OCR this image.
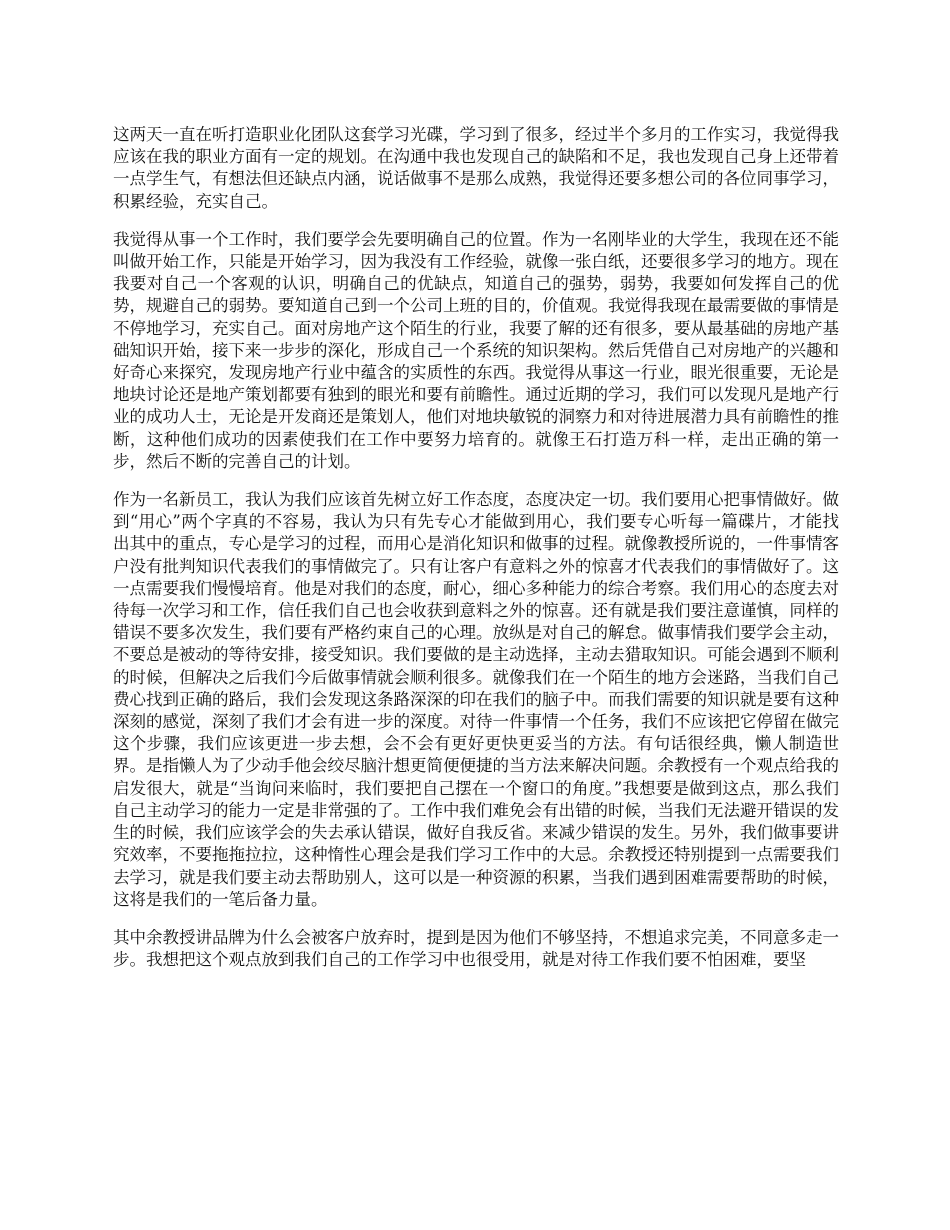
这两天一直在听打造职业化团队这套学习光碟，学习到了很多，经过半个多月的工作实习，我觉得我应该在我的职业方面有一定的规划。在沟通中我也发现自己的缺陷和不足，我也发现自己身上还带着一点学生气，有想法但还缺点内涵，说话做事不是那么成熟，我觉得还要多想公司的各位同事学习，积累经验，充实自己。

我觉得从事一个工作时，我们要学会先要明确自己的位置。作为一名刚毕业的大学生，我现在还不能叫做开始工作，只能是开始学习，因为我没有工作经验，就像一张白纸，还要很多学习的地方。现在我要对自己一个客观的认识，明确自己的优缺点，知道自己的强势，弱势，我要如何发挥自己的优势，规避自己的弱势。要知道自己到一个公司上班的目的，价值观。我觉得我现在最需要做的事情是不停地学习，充实自己。面对房地产这个陌生的行业，我要了解的还有很多，要从最基础的房地产基础知识开始，接下来一步步的深化，形成自己一个系统的知识架构。然后凭借自己对房地产的兴趣和好奇心来探究，发现房地产行业中蕴含的实质性的东西。我觉得从事这一行业，眼光很重要，无论是地块讨论还是地产策划都要有独到的眼光和要有前瞻性。通过近期的学习，我们可以发现凡是地产行业的成功人士，无论是开发商还是策划人，他们对地块敏锐的洞察力和对待进展潜力具有前瞻性的推断，这种他们成功的因素使我们在工作中要努力培育的。就像王石打造万科一样，走出正确的第一步，然后不断的完善自己的计划。

作为一名新员工，我认为我们应该首先树立好工作态度，态度决定一切。我们要用心把事情做好。做到“用心”两个字真的不容易，我认为只有先专心才能做到用心，我们要专心听每一篇碟片，才能找出其中的重点，专心是学习的过程，而用心是消化知识和做事的过程。就像教授所说的，一件事情客户没有批判知识代表我们的事情做完了。只有让客户有意料之外的惊喜才代表我们的事情做好了。这一点需要我们慢慢培育。他是对我们的态度，耐心，细心多种能力的综合考察。我们用心的态度去对待每一次学习和工作，信任我们自己也会收获到意料之外的惊喜。还有就是我们要注意谨慎，同样的错误不要多次发生，我们要有严格约束自己的心理。放纵是对自己的解怠。做事情我们要学会主动，不要总是被动的等待安排，接受知识。我们要做的是主动选择，主动去猎取知识。可能会遇到不顺利的时候，但解决之后我们今后做事情就会顺利很多。就像我们在一个陌生的地方会迷路，当我们自己费心找到正确的路后，我们会发现这条路深深的印在我们的脑子中。而我们需要的知识就是要有这种深刻的感觉，深刻了我们才会有进一步的深度。对待一件事情一个任务，我们不应该把它停留在做完这个步骤，我们应该更进一步去想，会不会有更好更快更妥当的方法。有句话很经典，懒人制造世界。是指懒人为了少动手他会绞尽脑汁想更简便便捷的当方法来解决问题。余教授有一个观点给我的启发很大，就是“当询问来临时，我们要把自己摆在一个窗口的角度。”我想要是做到这点，那么我们自己主动学习的能力一定是非常强的了。工作中我们难免会有出错的时候，当我们无法避开错误的发生的时候，我们应该学会的失去承认错误，做好自我反省。来减少错误的发生。另外，我们做事要讲究效率，不要拖拖拉拉，这种惰性心理会是我们学习工作中的大忌。余教授还特别提到一点需要我们去学习，就是我们要主动去帮助别人，这可以是一种资源的积累，当我们遇到困难需要帮助的时候，这将是我们的一笔后备力量。

其中余教授讲品牌为什么会被客户放弃时，提到是因为他们不够坚持，不想追求完美，不同意多走一步。我想把这个观点放到我们自己的工作学习中也很受用，就是对待工作我们要不怕困难，要坚
